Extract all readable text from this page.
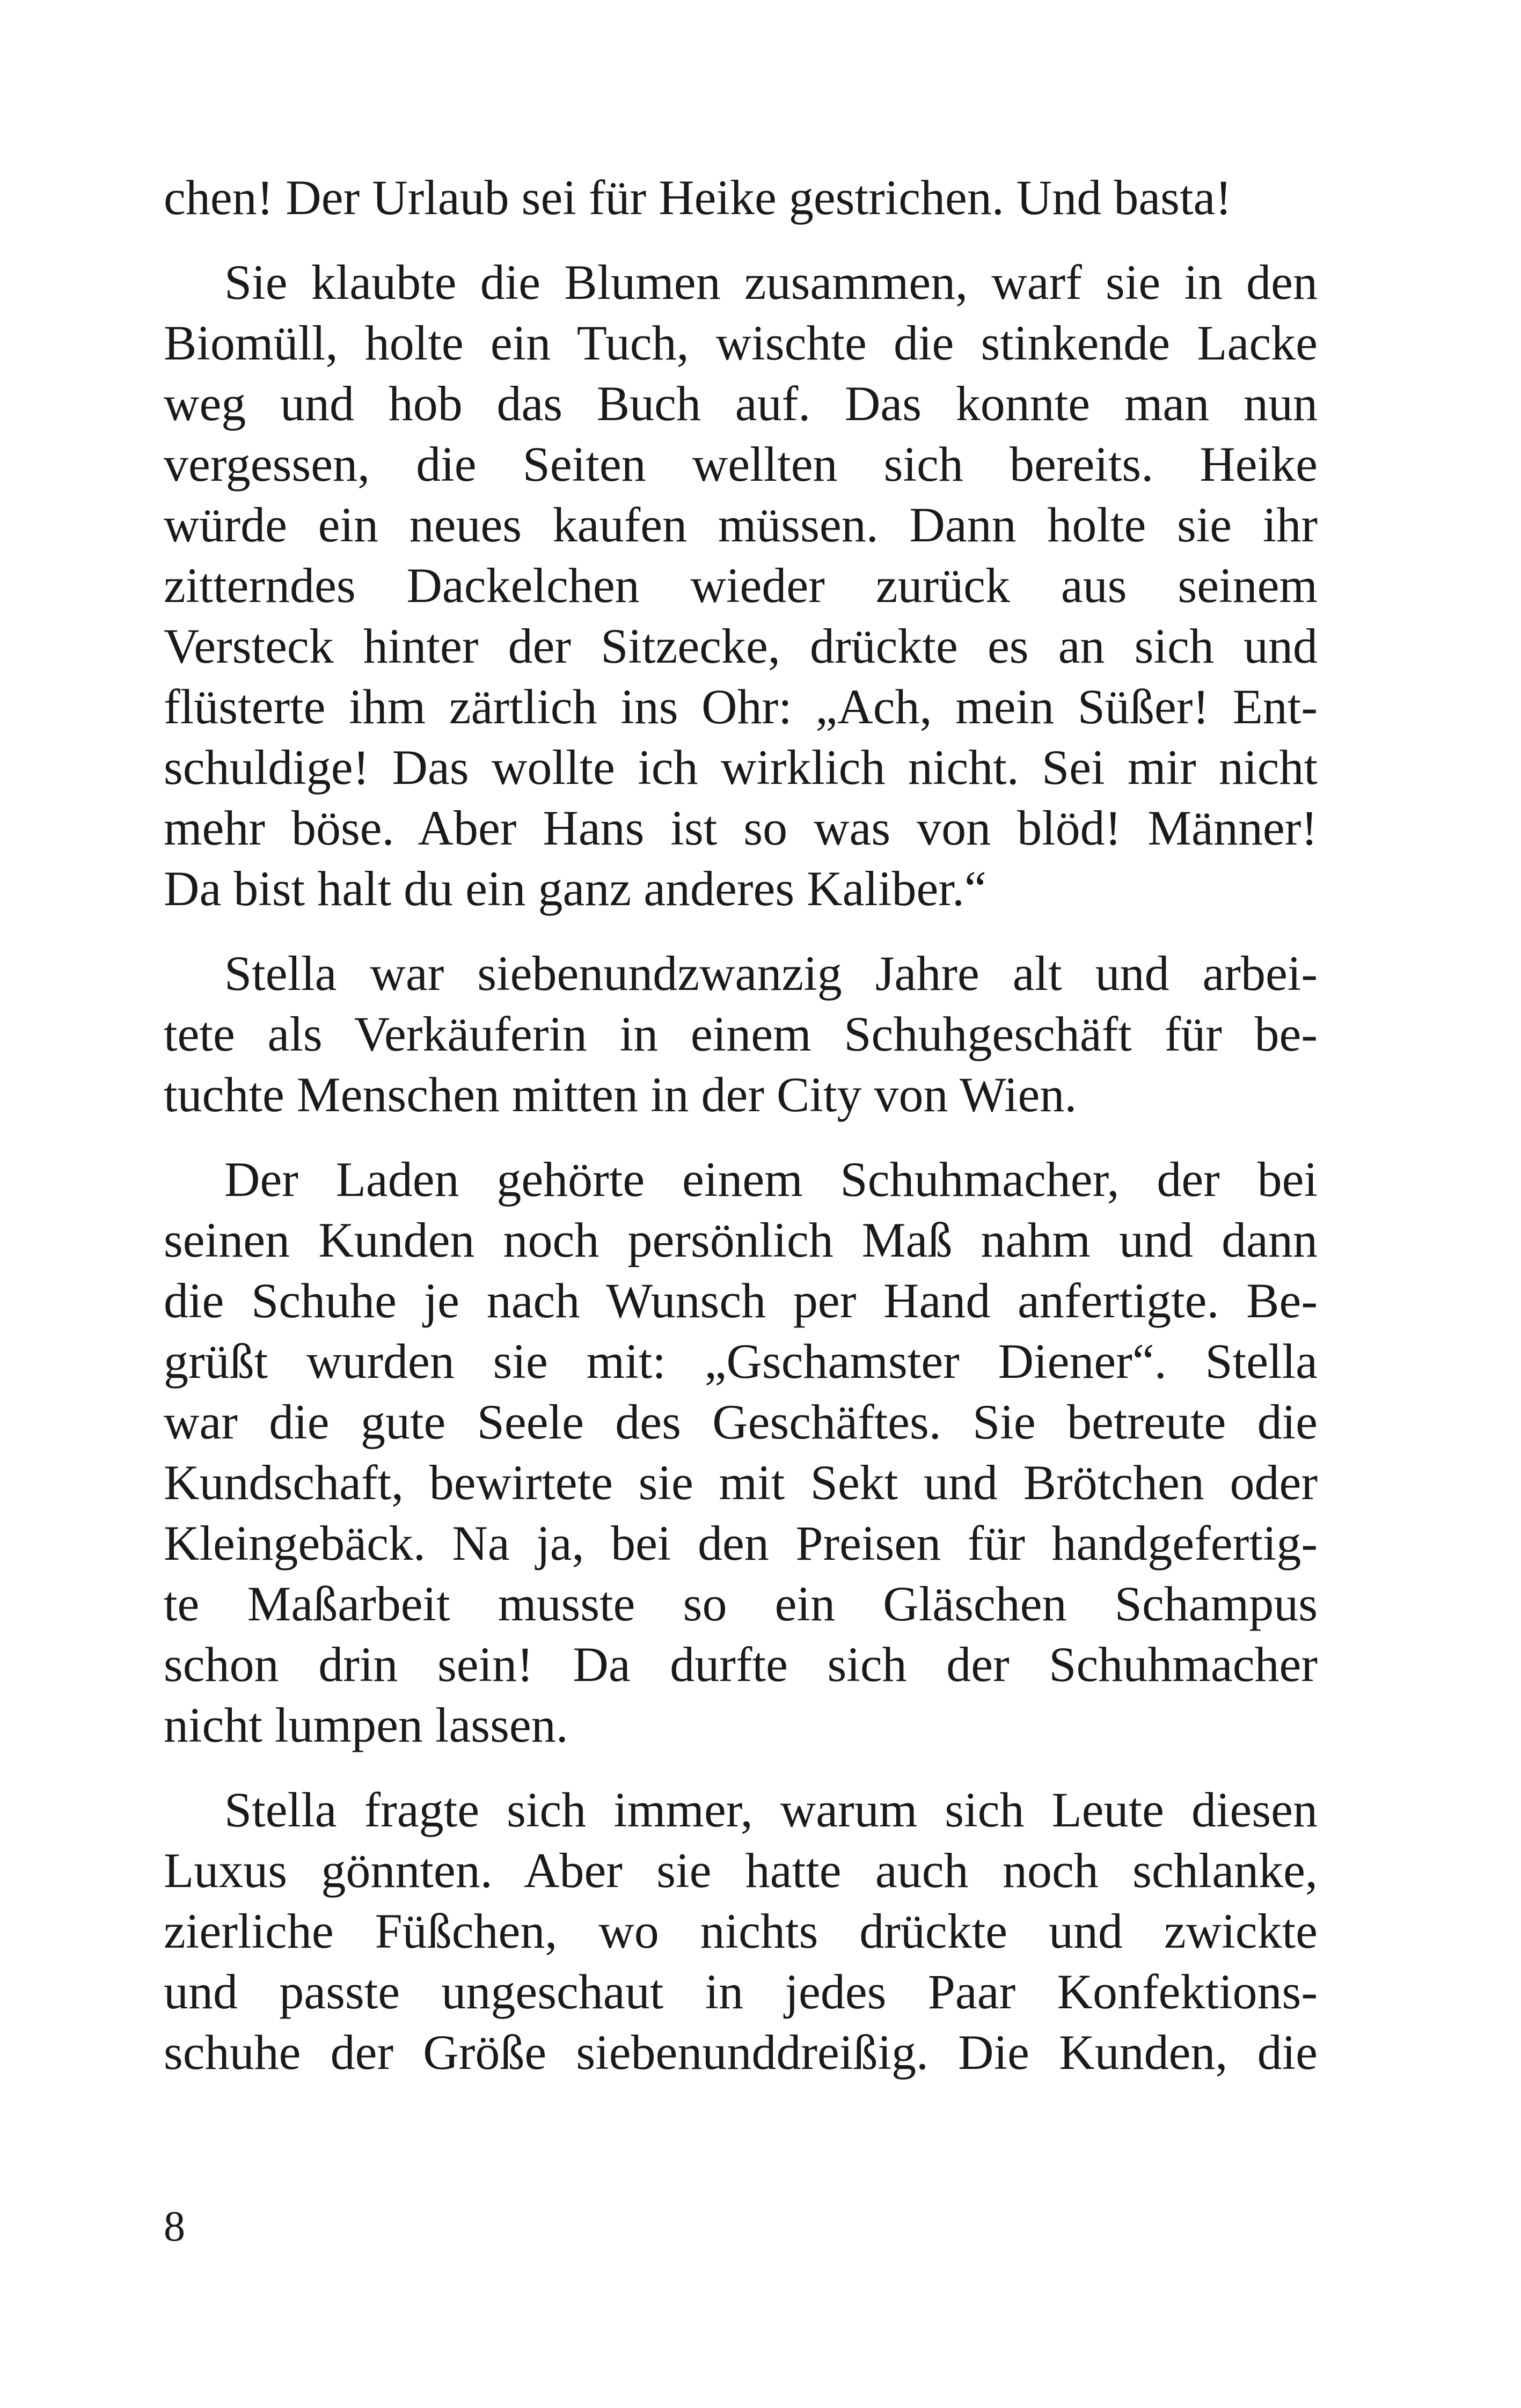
chen! Der Urlaub sei für Heike gestrichen. Und basta!
Sie klaubte die Blumen zusammen, warf sie in den
Biomüll, holte ein Tuch, wischte die stinkende Lacke
weg und hob das Buch auf. Das konnte man nun
vergessen, die Seiten wellten sich bereits. Heike
würde ein neues kaufen müssen. Dann holte sie ihr
zitterndes Dackelchen wieder zurück aus seinem
Versteck hinter der Sitzecke, drückte es an sich und
flüsterte ihm zärtlich ins Ohr: „Ach, mein Süßer! Ent-
schuldige! Das wollte ich wirklich nicht. Sei mir nicht
mehr böse. Aber Hans ist so was von blöd! Männer!
Da bist halt du ein ganz anderes Kaliber.“
Stella war siebenundzwanzig Jahre alt und arbei-
tete als Verkäuferin in einem Schuhgeschäft für be-
tuchte Menschen mitten in der City von Wien.
Der Laden gehörte einem Schuhmacher, der bei
seinen Kunden noch persönlich Maß nahm und dann
die Schuhe je nach Wunsch per Hand anfertigte. Be-
grüßt wurden sie mit: „Gschamster Diener“. Stella
war die gute Seele des Geschäftes. Sie betreute die
Kundschaft, bewirtete sie mit Sekt und Brötchen oder
Kleingebäck. Na ja, bei den Preisen für handgefertig-
te Maßarbeit musste so ein Gläschen Schampus
schon drin sein! Da durfte sich der Schuhmacher
nicht lumpen lassen.
Stella fragte sich immer, warum sich Leute diesen
Luxus gönnten. Aber sie hatte auch noch schlanke,
zierliche Füßchen, wo nichts drückte und zwickte
und passte ungeschaut in jedes Paar Konfektions-
schuhe der Größe siebenunddreißig. Die Kunden, die
8
